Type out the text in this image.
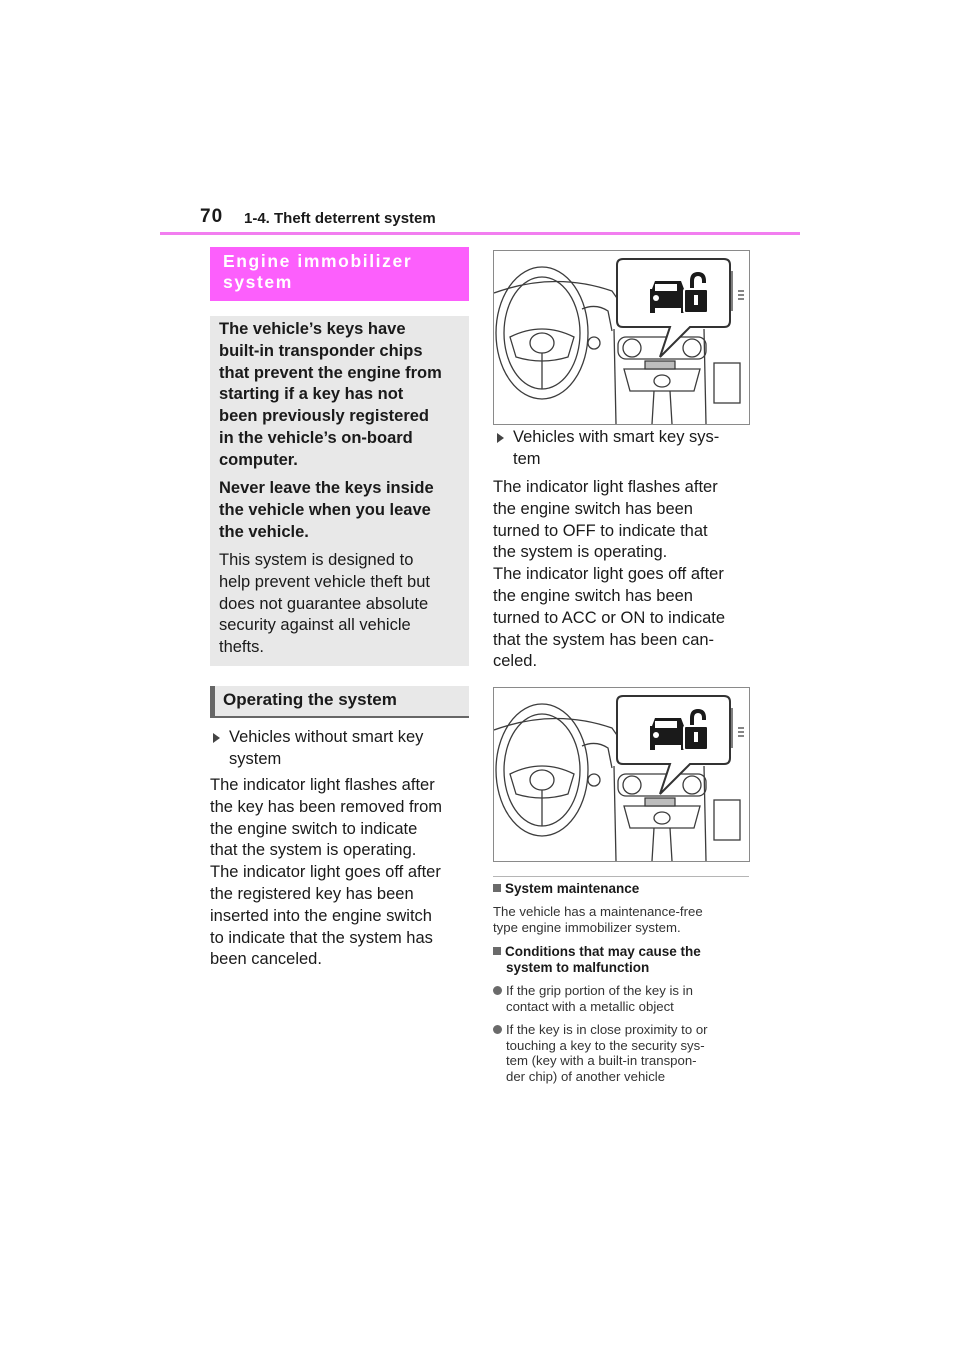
70 1-4. Theft deterrent system
Engine immobilizer
system
The vehicle’s keys have
built-in transponder chips
that prevent the engine from
starting if a key has not
been previously registered
in the vehicle’s on-board
computer.
Never leave the keys inside
the vehicle when you leave
the vehicle.
This system is designed to
help prevent vehicle theft but
does not guarantee absolute
security against all vehicle
thefts.
Operating the system
Vehicles without smart key
system
The indicator light flashes after
the key has been removed from
the engine switch to indicate
that the system is operating.
The indicator light goes off after
the registered key has been
inserted into the engine switch
to indicate that the system has
been canceled.
Vehicles with smart key sys-
tem
The indicator light flashes after
the engine switch has been
turned to OFF to indicate that
the system is operating.
The indicator light goes off after
the engine switch has been
turned to ACC or ON to indicate
that the system has been can-
celed.
System maintenance
The vehicle has a maintenance-free
type engine immobilizer system.
Conditions that may cause the
system to malfunction
If the grip portion of the key is in
contact with a metallic object
If the key is in close proximity to or
touching a key to the security sys-
tem (key with a built-in transpon-
der chip) of another vehicle
